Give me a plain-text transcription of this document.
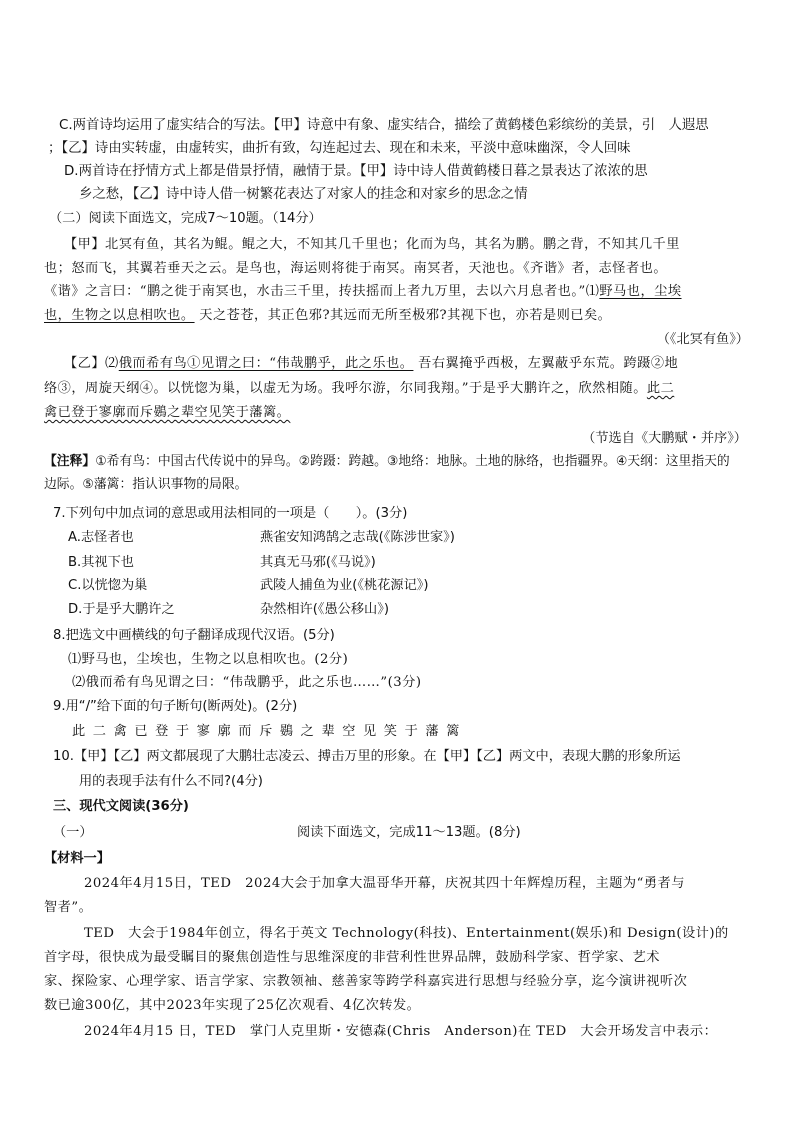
C.两首诗均运用了虚实结合的写法。【甲】诗意中有象、虚实结合，描绘了黄鹤楼色彩缤纷的美景，引　人遐思
；【乙】诗由实转虚，由虚转实，曲折有致，勾连起过去、现在和未来，平淡中意味幽深，令人回味
D.两首诗在抒情方式上都是借景抒情，融情于景。【甲】诗中诗人借黄鹤楼日暮之景表达了浓浓的思
乡之愁，【乙】诗中诗人借一树繁花表达了对家人的挂念和对家乡的思念之情
（二）阅读下面选文，完成7～10题。（14分）
【甲】北冥有鱼，其名为鲲。鲲之大，不知其几千里也；化而为鸟，其名为鹏。鹏之背，不知其几千里
也；怒而飞，其翼若垂天之云。是鸟也，海运则将徙于南冥。南冥者，天池也。《齐谐》者，志怪者也。
《谐》之言曰：“鹏之徙于南冥也，水击三千里，抟扶摇而上者九万里，去以六月息者也。”⑴野马也，尘埃
也，生物之以息相吹也。 天之苍苍，其正色邪?其远而无所至极邪?其视下也，亦若是则已矣。
（《北冥有鱼》）
【乙】⑵俄而希有鸟①见谓之曰：“伟哉鹏乎，此之乐也。 吾右翼掩乎西极，左翼蔽乎东荒。跨蹑②地
络③，周旋天纲④。以恍惚为巢，以虚无为场。我呼尔游，尔同我翔。”于是乎大鹏许之，欣然相随。此二
禽已登于寥廓而斥鷃之辈空见笑于藩篱。
（节选自《大鹏赋・并序》）
【注释】①希有鸟：中国古代传说中的异鸟。②跨蹑：跨越。③地络：地脉。土地的脉络，也指疆界。④天纲：这里指天的
边际。⑤藩篱：指认识事物的局限。
7.下列句中加点词的意思或用法相同的一项是（　　）。(3分)
A.志怪者也	燕雀安知鸿鹄之志哉(《陈涉世家》)
B.其视下也	其真无马邪(《马说》)
C.以恍惚为巢	武陵人捕鱼为业(《桃花源记》)
D.于是乎大鹏许之	杂然相许(《愚公移山》)
8.把选文中画横线的句子翻译成现代汉语。(5分)
⑴野马也，尘埃也，生物之以息相吹也。(2分)
⑵俄而希有鸟见谓之曰：“伟哉鹏乎，此之乐也……”(3分)
9.用“/”给下面的句子断句(断两处)。(2分)
此二禽已登于寥廓而斥鷃之辈空见笑于藩篱
10.【甲】【乙】两文都展现了大鹏壮志凌云、搏击万里的形象。在【甲】【乙】两文中，表现大鹏的形象所运
用的表现手法有什么不同?(4分)
三、现代文阅读(36分)
（一）	阅读下面选文，完成11～13题。(8分)
【材料一】
2024年4月15日，TED　2024大会于加拿大温哥华开幕，庆祝其四十年辉煌历程，主题为“勇者与
智者”。
TED　大会于1984年创立，得名于英文 Technology(科技)、Entertainment(娱乐)和 Design(设计)的
首字母，很快成为最受瞩目的聚焦创造性与思维深度的非营利性世界品牌，鼓励科学家、哲学家、艺术
家、探险家、心理学家、语言学家、宗教领袖、慈善家等跨学科嘉宾进行思想与经验分享，迄今演讲视听次
数已逾300亿，其中2023年实现了25亿次观看、4亿次转发。
2024年4月15 日，TED　掌门人克里斯・安德森(Chris　Anderson)在 TED　大会开场发言中表示：
